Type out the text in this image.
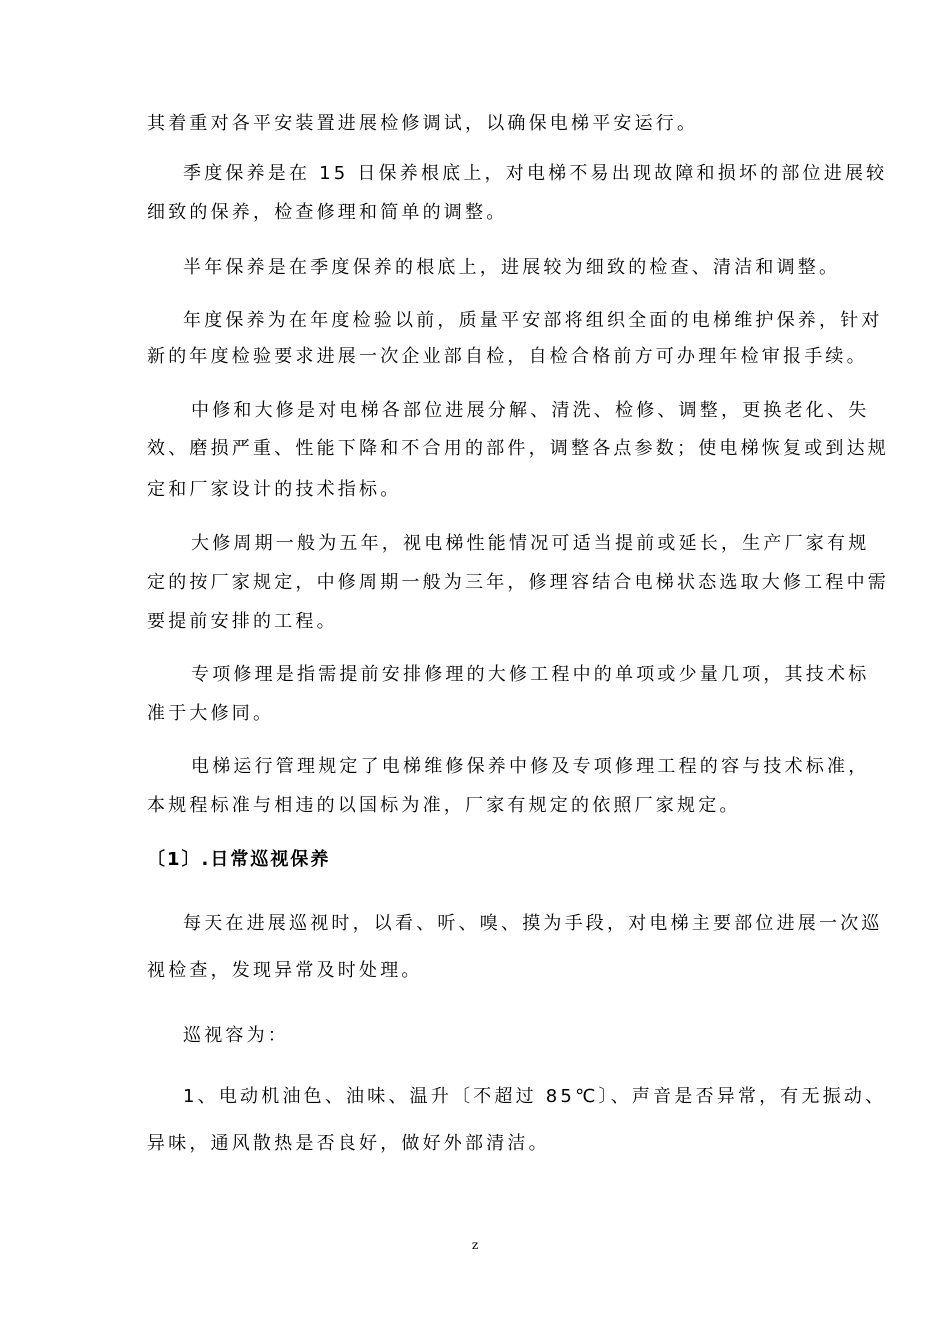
其着重对各平安装置进展检修调试，以确保电梯平安运行。
季度保养是在 15 日保养根底上，对电梯不易出现故障和损坏的部位进展较
细致的保养，检查修理和简单的调整。
半年保养是在季度保养的根底上，进展较为细致的检查、清洁和调整。
年度保养为在年度检验以前，质量平安部将组织全面的电梯维护保养，针对
新的年度检验要求进展一次企业部自检，自检合格前方可办理年检审报手续。
中修和大修是对电梯各部位进展分解、清洗、检修、调整，更换老化、失
效、磨损严重、性能下降和不合用的部件，调整各点参数；使电梯恢复或到达规
定和厂家设计的技术指标。
大修周期一般为五年，视电梯性能情况可适当提前或延长，生产厂家有规
定的按厂家规定，中修周期一般为三年，修理容结合电梯状态选取大修工程中需
要提前安排的工程。
专项修理是指需提前安排修理的大修工程中的单项或少量几项，其技术标
准于大修同。
电梯运行管理规定了电梯维修保养中修及专项修理工程的容与技术标准，
本规程标准与相违的以国标为准，厂家有规定的依照厂家规定。
〔1〕.日常巡视保养
每天在进展巡视时，以看、听、嗅、摸为手段，对电梯主要部位进展一次巡
视检查，发现异常及时处理。
巡视容为：
1、电动机油色、油味、温升〔不超过 85℃〕、声音是否异常，有无振动、
异味，通风散热是否良好，做好外部清洁。
z
